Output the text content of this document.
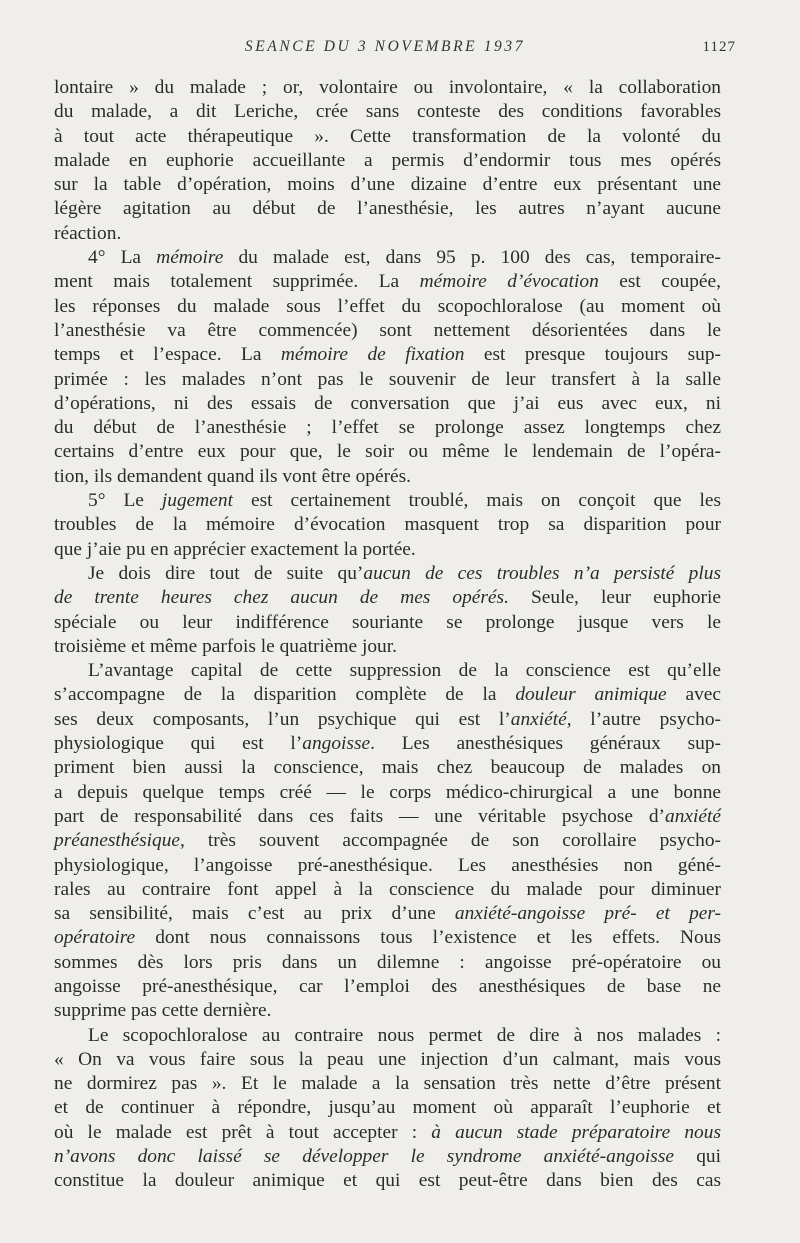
SEANCE DU 3 NOVEMBRE 1937	1127

lontaire » du malade ; or, volontaire ou involontaire, « la collaboration
du malade, a dit Leriche, crée sans conteste des conditions favorables
à tout acte thérapeutique ». Cette transformation de la volonté du
malade en euphorie accueillante a permis d’endormir tous mes opérés
sur la table d’opération, moins d’une dizaine d’entre eux présentant une
légère agitation au début de l’anesthésie, les autres n’ayant aucune
réaction.

4° La mémoire du malade est, dans 95 p. 100 des cas, temporaire-
ment mais totalement supprimée. La mémoire d’évocation est coupée,
les réponses du malade sous l’effet du scopochloralose (au moment où
l’anesthésie va être commencée) sont nettement désorientées dans le
temps et l’espace. La mémoire de fixation est presque toujours sup-
primée : les malades n’ont pas le souvenir de leur transfert à la salle
d’opérations, ni des essais de conversation que j’ai eus avec eux, ni
du début de l’anesthésie ; l’effet se prolonge assez longtemps chez
certains d’entre eux pour que, le soir ou même le lendemain de l’opéra-
tion, ils demandent quand ils vont être opérés.

5° Le jugement est certainement troublé, mais on conçoit que les
troubles de la mémoire d’évocation masquent trop sa disparition pour
que j’aie pu en apprécier exactement la portée.

Je dois dire tout de suite qu’aucun de ces troubles n’a persisté plus
de trente heures chez aucun de mes opérés. Seule, leur euphorie
spéciale ou leur indifférence souriante se prolonge jusque vers le
troisième et même parfois le quatrième jour.

L’avantage capital de cette suppression de la conscience est qu’elle
s’accompagne de la disparition complète de la douleur animique avec
ses deux composants, l’un psychique qui est l’anxiété, l’autre psycho-
physiologique qui est l’angoisse. Les anesthésiques généraux sup-
priment bien aussi la conscience, mais chez beaucoup de malades on
a depuis quelque temps créé — le corps médico-chirurgical a une bonne
part de responsabilité dans ces faits — une véritable psychose d’anxiété
préanesthésique, très souvent accompagnée de son corollaire psycho-
physiologique, l’angoisse pré-anesthésique. Les anesthésies non géné-
rales au contraire font appel à la conscience du malade pour diminuer
sa sensibilité, mais c’est au prix d’une anxiété-angoisse pré- et per-
opératoire dont nous connaissons tous l’existence et les effets. Nous
sommes dès lors pris dans un dilemne : angoisse pré-opératoire ou
angoisse pré-anesthésique, car l’emploi des anesthésiques de base ne
supprime pas cette dernière.

Le scopochloralose au contraire nous permet de dire à nos malades :
« On va vous faire sous la peau une injection d’un calmant, mais vous
ne dormirez pas ». Et le malade a la sensation très nette d’être présent
et de continuer à répondre, jusqu’au moment où apparaît l’euphorie et
où le malade est prêt à tout accepter : à aucun stade préparatoire nous
n’avons donc laissé se développer le syndrome anxiété-angoisse qui
constitue la douleur animique et qui est peut-être dans bien des cas
